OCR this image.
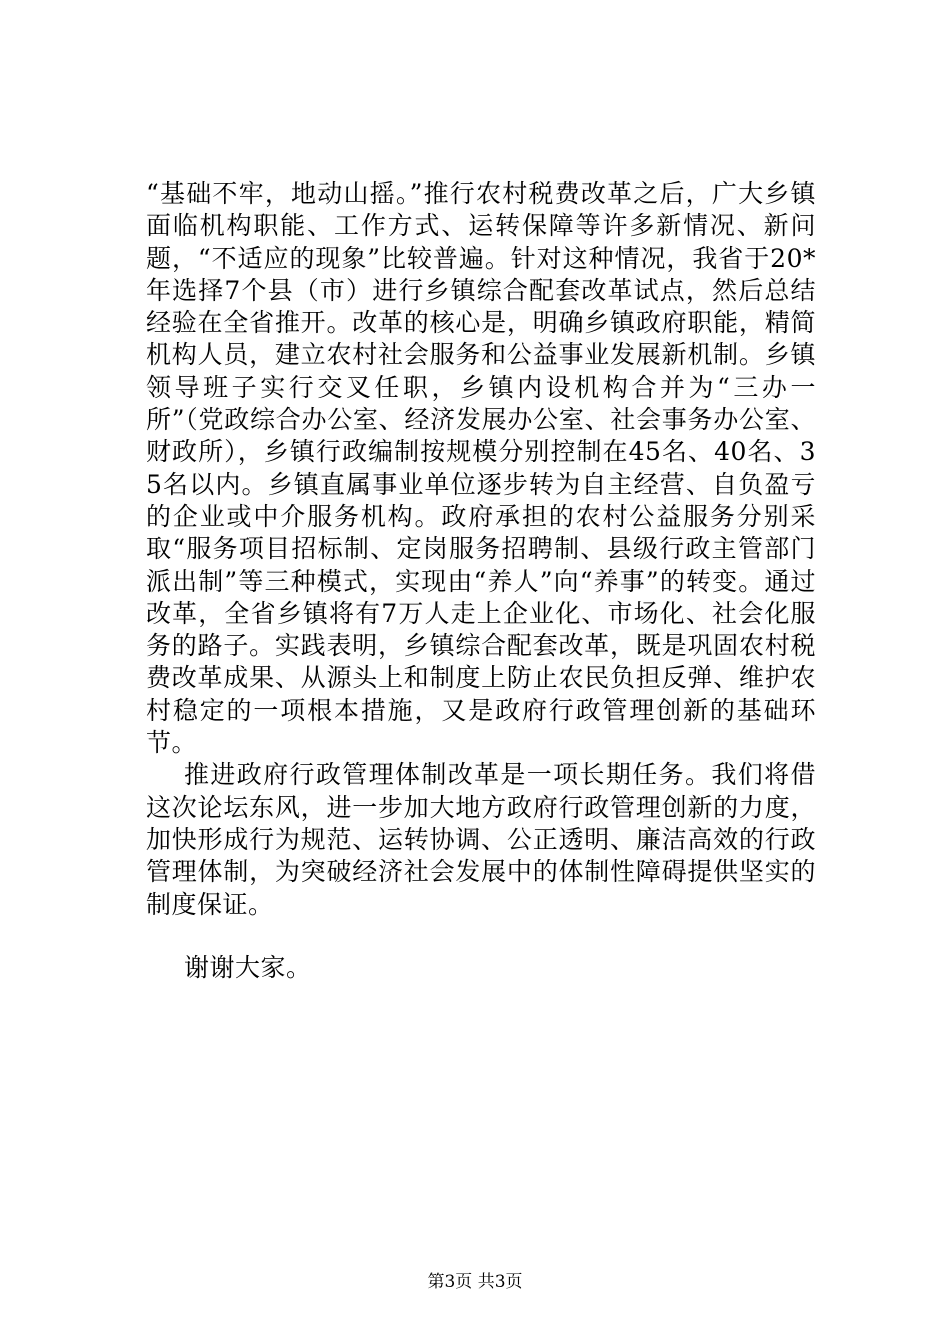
“基础不牢，地动山摇。”推行农村税费改革之后，广大乡镇面临机构职能、工作方式、运转保障等许多新情况、新问题，“不适应的现象”比较普遍。针对这种情况，我省于20*年选择7个县（市）进行乡镇综合配套改革试点，然后总结经验在全省推开。改革的核心是，明确乡镇政府职能，精简机构人员，建立农村社会服务和公益事业发展新机制。乡镇领导班子实行交叉任职，乡镇内设机构合并为“三办一所”（党政综合办公室、经济发展办公室、社会事务办公室、财政所），乡镇行政编制按规模分别控制在45名、40名、35名以内。乡镇直属事业单位逐步转为自主经营、自负盈亏的企业或中介服务机构。政府承担的农村公益服务分别采取“服务项目招标制、定岗服务招聘制、县级行政主管部门派出制”等三种模式，实现由“养人”向“养事”的转变。通过改革，全省乡镇将有7万人走上企业化、市场化、社会化服务的路子。实践表明，乡镇综合配套改革，既是巩固农村税费改革成果、从源头上和制度上防止农民负担反弹、维护农村稳定的一项根本措施，又是政府行政管理创新的基础环节。

推进政府行政管理体制改革是一项长期任务。我们将借这次论坛东风，进一步加大地方政府行政管理创新的力度，加快形成行为规范、运转协调、公正透明、廉洁高效的行政管理体制，为突破经济社会发展中的体制性障碍提供坚实的制度保证。

谢谢大家。

第3页 共3页
